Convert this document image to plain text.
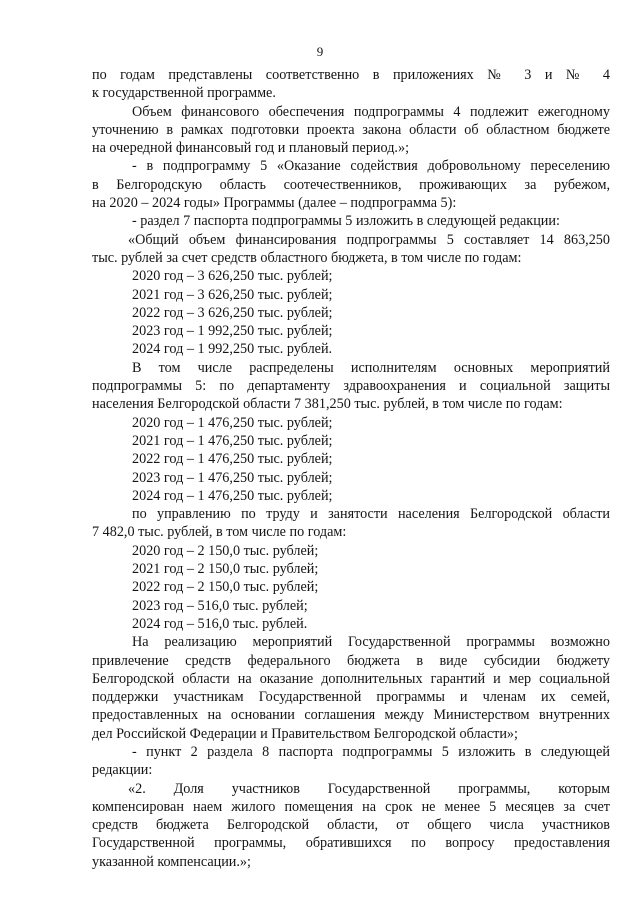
9
по годам представлены соответственно в приложениях № 3 и № 4
к государственной программе.
Объем финансового обеспечения подпрограммы 4 подлежит ежегодному
уточнению в рамках подготовки проекта закона области об областном бюджете
на очередной финансовый год и плановый период.»;
- в подпрограмму 5 «Оказание содействия добровольному переселению
в Белгородскую область соотечественников, проживающих за рубежом,
на 2020 – 2024 годы» Программы (далее – подпрограмма 5):
- раздел 7 паспорта подпрограммы 5 изложить в следующей редакции:
«Общий объем финансирования подпрограммы 5 составляет 14 863,250
тыс. рублей за счет средств областного бюджета, в том числе по годам:
2020 год – 3 626,250 тыс. рублей;
2021 год – 3 626,250 тыс. рублей;
2022 год – 3 626,250 тыс. рублей;
2023 год – 1 992,250 тыс. рублей;
2024 год – 1 992,250 тыс. рублей.
В том числе распределены исполнителям основных мероприятий
подпрограммы 5: по департаменту здравоохранения и социальной защиты
населения Белгородской области 7 381,250 тыс. рублей, в том числе по годам:
2020 год – 1 476,250 тыс. рублей;
2021 год – 1 476,250 тыс. рублей;
2022 год – 1 476,250 тыс. рублей;
2023 год – 1 476,250 тыс. рублей;
2024 год – 1 476,250 тыс. рублей;
по управлению по труду и занятости населения Белгородской области
7 482,0 тыс. рублей, в том числе по годам:
2020 год – 2 150,0 тыс. рублей;
2021 год – 2 150,0 тыс. рублей;
2022 год – 2 150,0 тыс. рублей;
2023 год – 516,0 тыс. рублей;
2024 год – 516,0 тыс. рублей.
На реализацию мероприятий Государственной программы возможно
привлечение средств федерального бюджета в виде субсидии бюджету
Белгородской области на оказание дополнительных гарантий и мер социальной
поддержки участникам Государственной программы и членам их семей,
предоставленных на основании соглашения между Министерством внутренних
дел Российской Федерации и Правительством Белгородской области»;
- пункт 2 раздела 8 паспорта подпрограммы 5 изложить в следующей
редакции:
«2. Доля участников Государственной программы, которым
компенсирован наем жилого помещения на срок не менее 5 месяцев за счет
средств бюджета Белгородской области, от общего числа участников
Государственной программы, обратившихся по вопросу предоставления
указанной компенсации.»;
